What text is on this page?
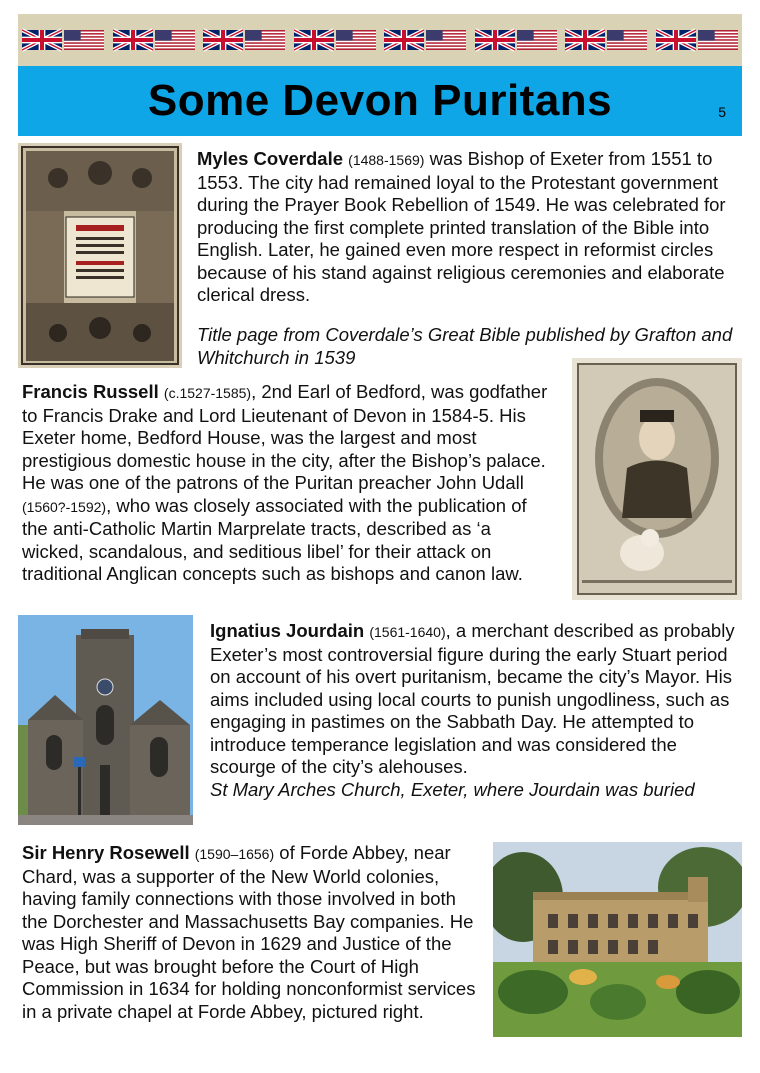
Some Devon Puritans	5

Myles Coverdale (1488-1569) was Bishop of Exeter from 1551 to 1553. The city had remained loyal to the Protestant government during the Prayer Book Rebellion of 1549. He was celebrated for producing the first complete printed translation of the Bible into English. Later, he gained even more respect in reformist circles because of his stand against religious ceremonies and elaborate clerical dress.

Title page from Coverdale’s Great Bible published by Grafton and Whitchurch in 1539

Francis Russell (c.1527-1585), 2nd Earl of Bedford, was godfather to Francis Drake and Lord Lieutenant of Devon in 1584-5. His Exeter home, Bedford House, was the largest and most prestigious domestic house in the city, after the Bishop’s palace. He was one of the patrons of the Puritan preacher John Udall (1560?-1592), who was closely associated with the publication of the anti-Catholic Martin Marprelate tracts, described as ‘a wicked, scandalous, and seditious libel’ for their attack on traditional Anglican concepts such as bishops and canon law.

Ignatius Jourdain (1561-1640), a merchant described as probably Exeter’s most controversial figure during the early Stuart period on account of his overt puritanism, became the city’s Mayor. His aims included using local courts to punish ungodliness, such as engaging in pastimes on the Sabbath Day. He attempted to introduce temperance legislation and was considered the scourge of the city’s alehouses.
St Mary Arches Church, Exeter, where Jourdain was buried

Sir Henry Rosewell (1590–1656) of Forde Abbey, near Chard, was a supporter of the New World colonies, having family connections with those involved in both the Dorchester and Massachusetts Bay companies. He was High Sheriff of Devon in 1629 and Justice of the Peace, but was brought before the Court of High Commission in 1634 for holding nonconformist services in a private chapel at Forde Abbey, pictured right.
